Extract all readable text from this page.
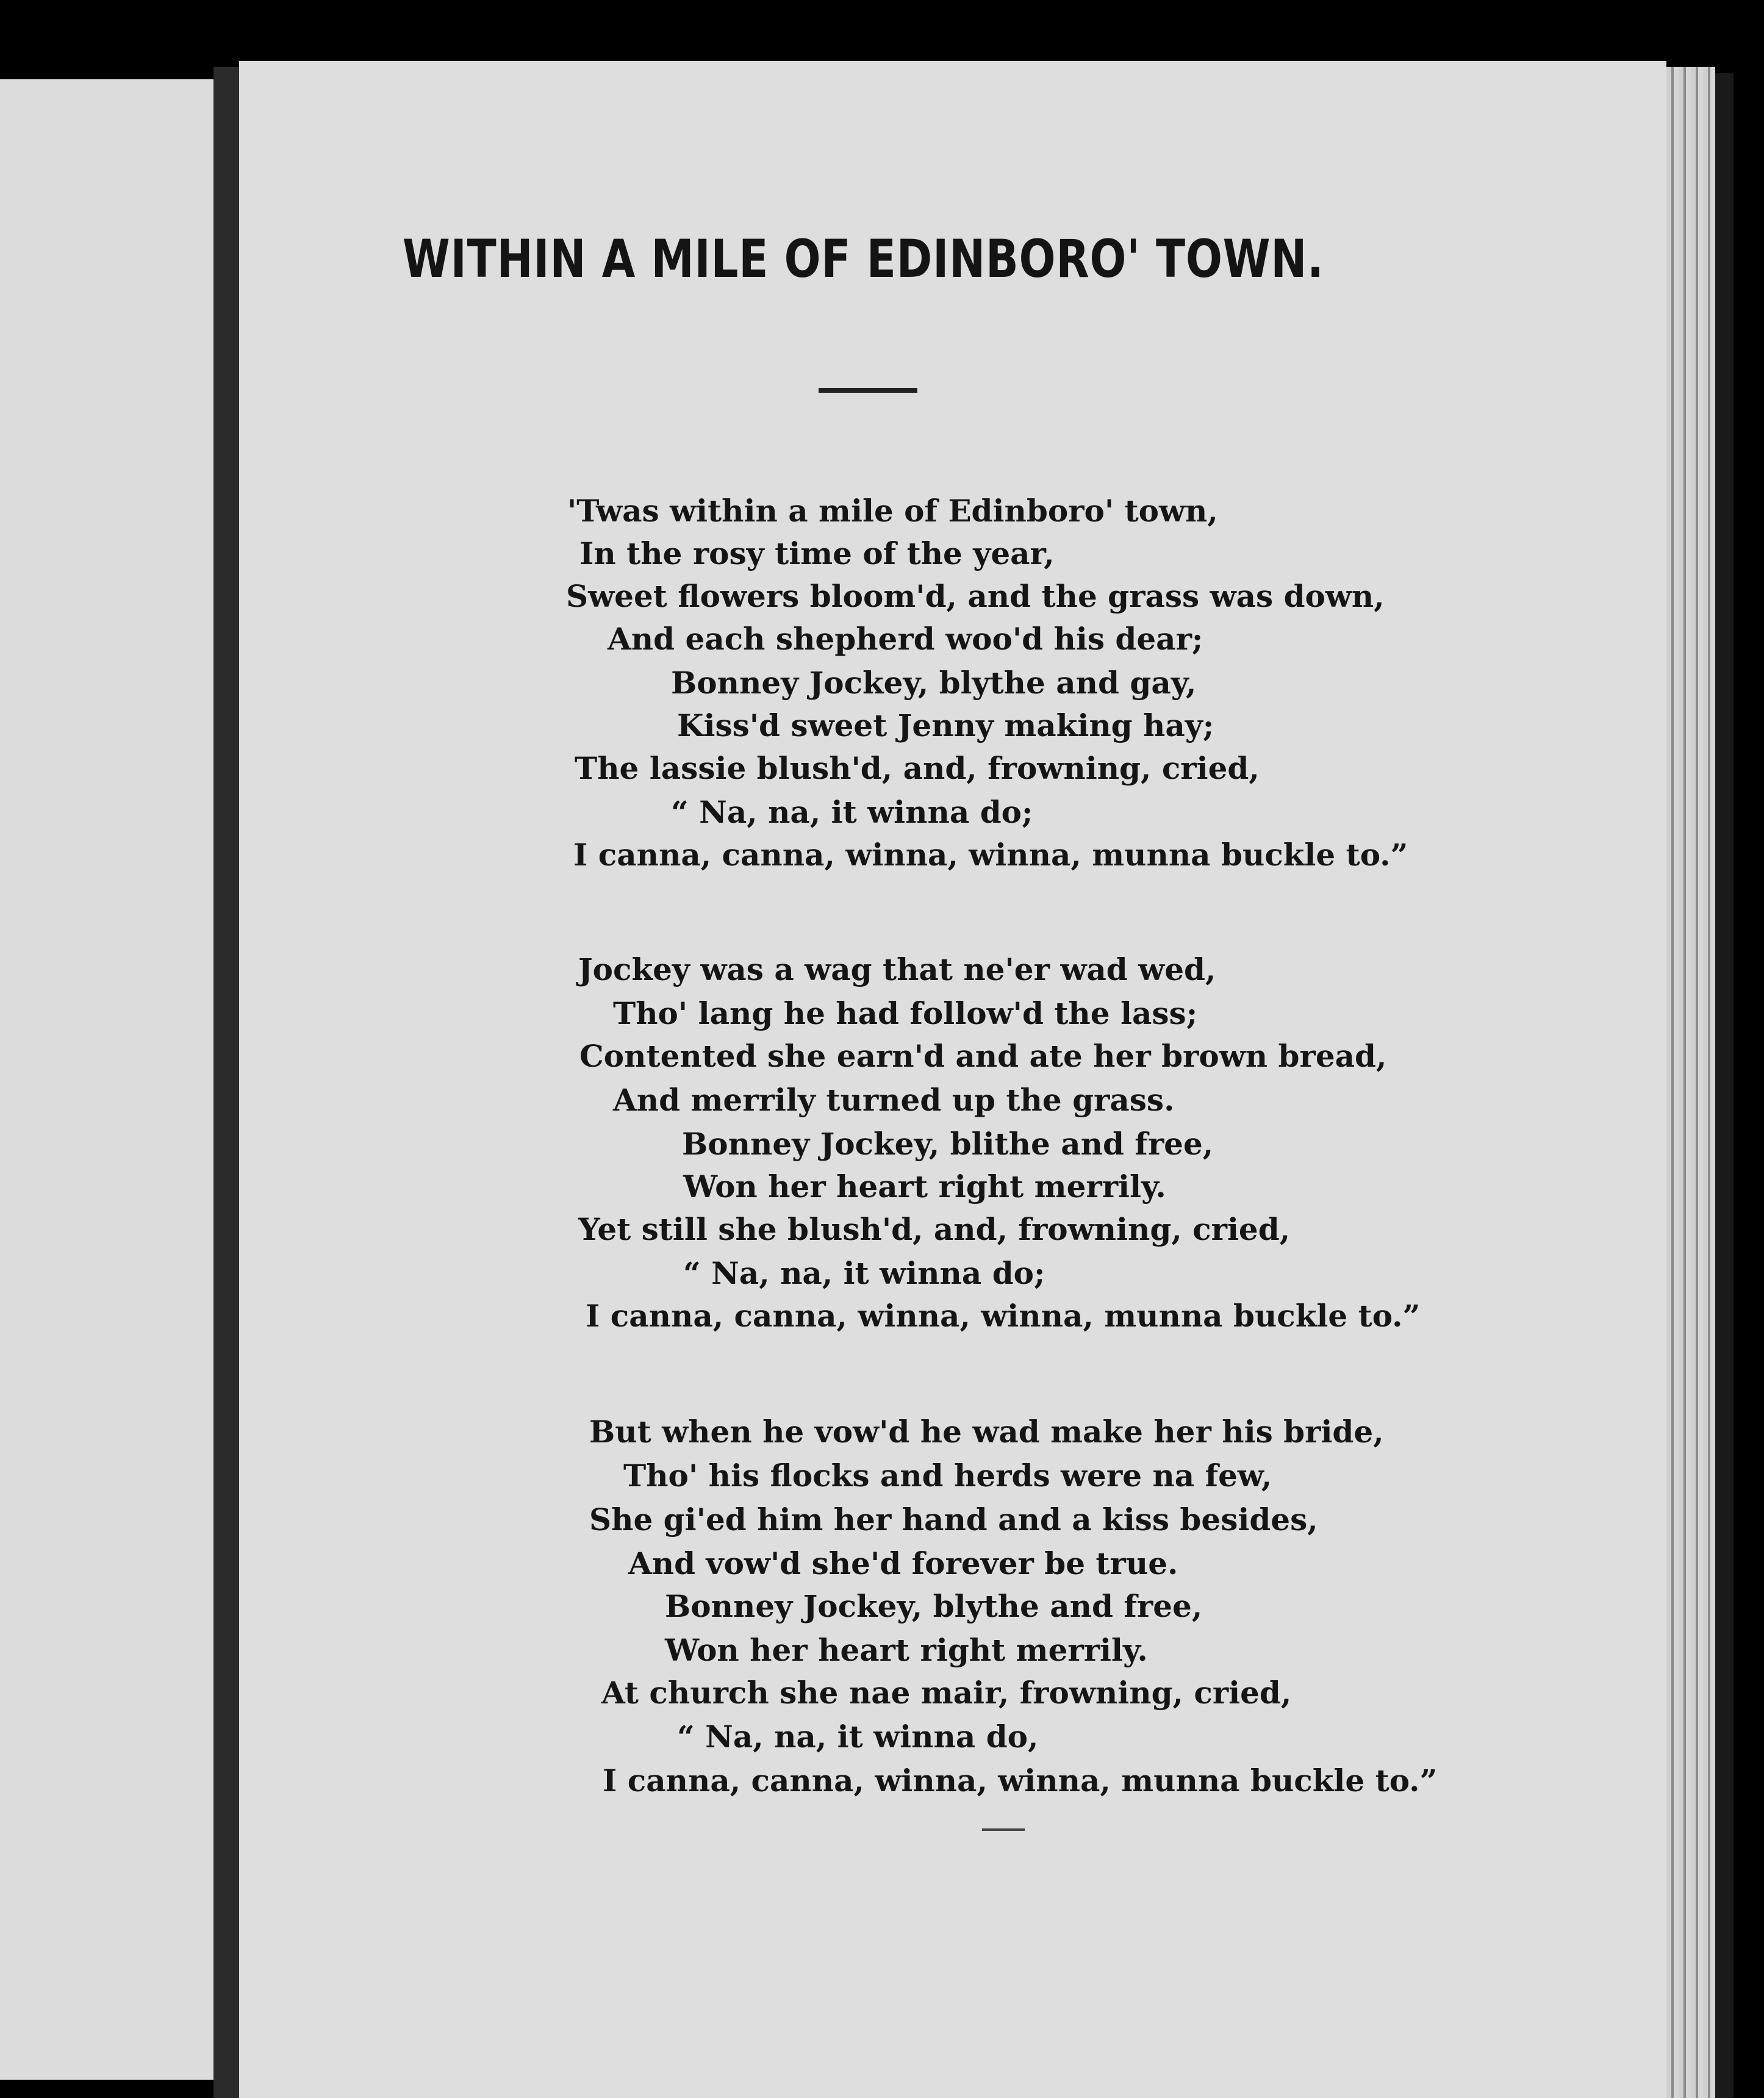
WITHIN A MILE OF EDINBORO' TOWN.
'Twas within a mile of Edinboro' town,
In the rosy time of the year,
Sweet flowers bloom'd, and the grass was down,
And each shepherd woo'd his dear;
Bonney Jockey, blythe and gay,
Kiss'd sweet Jenny making hay;
The lassie blush'd, and, frowning, cried,
“ Na, na, it winna do;
I canna, canna, winna, winna, munna buckle to.”
Jockey was a wag that ne'er wad wed,
Tho' lang he had follow'd the lass;
Contented she earn'd and ate her brown bread,
And merrily turned up the grass.
Bonney Jockey, blithe and free,
Won her heart right merrily.
Yet still she blush'd, and, frowning, cried,
“ Na, na, it winna do;
I canna, canna, winna, winna, munna buckle to.”
But when he vow'd he wad make her his bride,
Tho' his flocks and herds were na few,
She gi'ed him her hand and a kiss besides,
And vow'd she'd forever be true.
Bonney Jockey, blythe and free,
Won her heart right merrily.
At church she nae mair, frowning, cried,
“ Na, na, it winna do,
I canna, canna, winna, winna, munna buckle to.”
